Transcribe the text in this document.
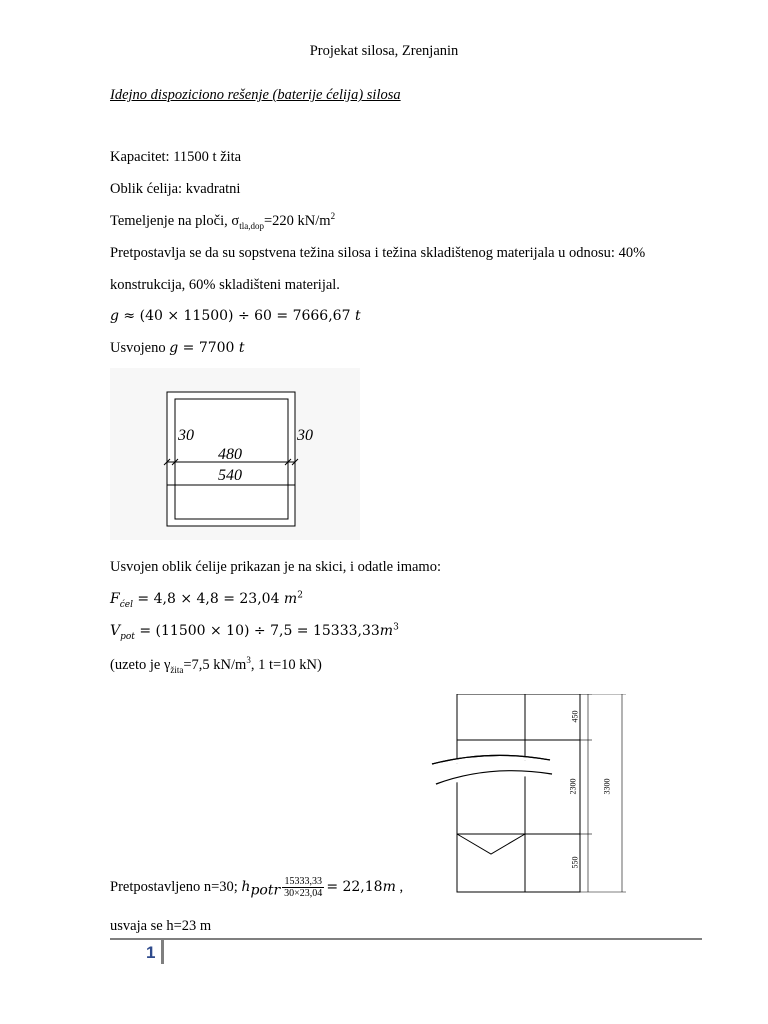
Projekat silosa, Zrenjanin
Idejno dispoziciono rešenje (baterije ćelija) silosa
Kapacitet: 11500 t žita
Oblik ćelija: kvadratni
Temeljenje na ploči, $\sigma_{tla,dop}=220$ $kN/m^2$
Pretpostavlja se da su sopstvena težina silosa i težina skladištenog materijala u odnosu: 40%
konstrukcija, 60% skladišteni materijal.
g ≈ (40 × 11500) ÷ 60 = 7666,67 t
Usvojeno g = 7700 t
30	30
480
540
Usvojen oblik ćelije prikazan je na skici, i odatle imamo:
$F_{ćel} = 4,8 \times 4,8 = 23,04$ $m^2$
$V_{pot} = (11500 \times 10) \div 7,5 = 15333,33m^3$
(uzeto je $\gamma_{žita}=7,5$ $kN/m^3$, 1 t=10 kN)
450
2300
550
3300
Pretpostavljeno n=30; $h_{potr} \frac{15333,33}{30\times 23,04} = 22,18m$ ,
usvaja se h=23 m
1
